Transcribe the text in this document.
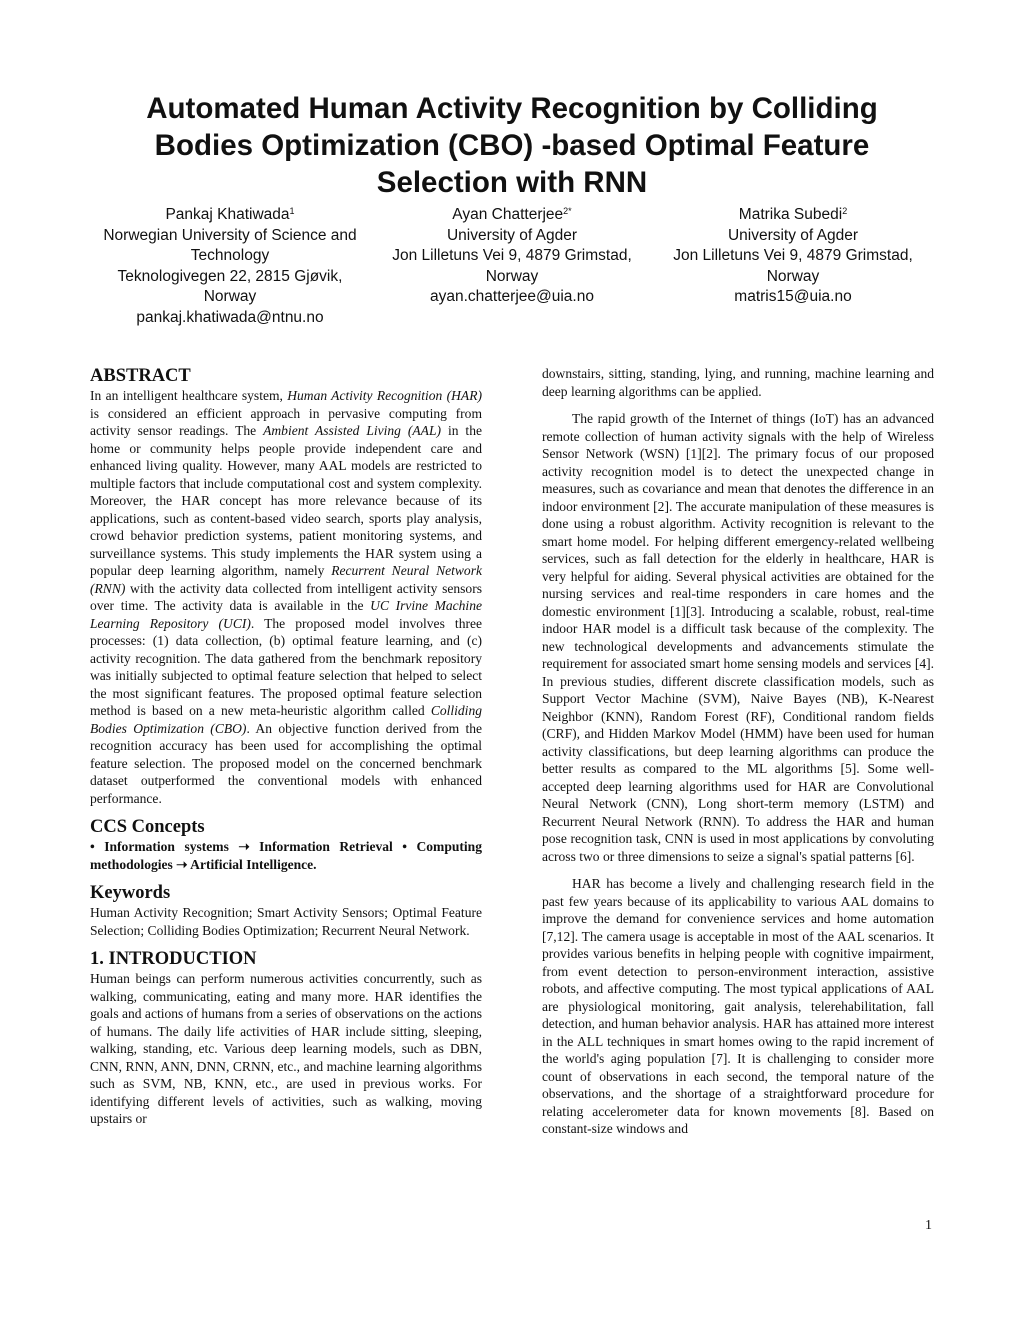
Automated Human Activity Recognition by Colliding
Bodies Optimization (CBO) -based Optimal Feature
Selection with RNN
Pankaj Khatiwada$^1$
Norwegian University of Science and
Technology
Teknologivegen 22, 2815 Gjøvik,
Norway
pankaj.khatiwada@ntnu.no
Ayan Chatterjee$^{2*}$
University of Agder
Jon Lilletuns Vei 9, 4879 Grimstad,
Norway
ayan.chatterjee@uia.no
Matrika Subedi$^2$
University of Agder
Jon Lilletuns Vei 9, 4879 Grimstad,
Norway
matris15@uia.no
ABSTRACT

In an intelligent healthcare system, Human Activity Recognition (HAR) is considered an efficient approach in pervasive computing from activity sensor readings. The Ambient Assisted Living (AAL) in the home or community helps people provide independent care and enhanced living quality. However, many AAL models are restricted to multiple factors that include computational cost and system complexity. Moreover, the HAR concept has more relevance because of its applications, such as content-based video search, sports play analysis, crowd behavior prediction systems, patient monitoring systems, and surveillance systems. This study implements the HAR system using a popular deep learning algorithm, namely Recurrent Neural Network (RNN) with the activity data collected from intelligent activity sensors over time. The activity data is available in the UC Irvine Machine Learning Repository (UCI). The proposed model involves three processes: (1) data collection, (b) optimal feature learning, and (c) activity recognition. The data gathered from the benchmark repository was initially subjected to optimal feature selection that helped to select the most significant features. The proposed optimal feature selection method is based on a new meta-heuristic algorithm called Colliding Bodies Optimization (CBO). An objective function derived from the recognition accuracy has been used for accomplishing the optimal feature selection. The proposed model on the concerned benchmark dataset outperformed the conventional models with enhanced performance.

CCS Concepts
• Information systems ➝ Information Retrieval • Computing methodologies ➝ Artificial Intelligence.
Keywords

Human Activity Recognition; Smart Activity Sensors; Optimal Feature Selection; Colliding Bodies Optimization; Recurrent Neural Network.

1. INTRODUCTION

Human beings can perform numerous activities concurrently, such as walking, communicating, eating and many more. HAR identifies the goals and actions of humans from a series of observations on the actions of humans. The daily life activities of HAR include sitting, sleeping, walking, standing, etc. Various deep learning models, such as DBN, CNN, RNN, ANN, DNN, CRNN, etc., and machine learning algorithms such as SVM, NB, KNN, etc., are used in previous works. For identifying different levels of activities, such as walking, moving upstairs or

downstairs, sitting, standing, lying, and running, machine learning and deep learning algorithms can be applied.

The rapid growth of the Internet of things (IoT) has an advanced remote collection of human activity signals with the help of Wireless Sensor Network (WSN) [1][2]. The primary focus of our proposed activity recognition model is to detect the unexpected change in measures, such as covariance and mean that denotes the difference in an indoor environment [2]. The accurate manipulation of these measures is done using a robust algorithm. Activity recognition is relevant to the smart home model. For helping different emergency-related wellbeing services, such as fall detection for the elderly in healthcare, HAR is very helpful for aiding. Several physical activities are obtained for the nursing services and real-time responders in care homes and the domestic environment [1][3]. Introducing a scalable, robust, real-time indoor HAR model is a difficult task because of the complexity. The new technological developments and advancements stimulate the requirement for associated smart home sensing models and services [4]. In previous studies, different discrete classification models, such as Support Vector Machine (SVM), Naive Bayes (NB), K-Nearest Neighbor (KNN), Random Forest (RF), Conditional random fields (CRF), and Hidden Markov Model (HMM) have been used for human activity classifications, but deep learning algorithms can produce the better results as compared to the ML algorithms [5]. Some well-accepted deep learning algorithms used for HAR are Convolutional Neural Network (CNN), Long short-term memory (LSTM) and Recurrent Neural Network (RNN). To address the HAR and human pose recognition task, CNN is used in most applications by convoluting across two or three dimensions to seize a signal's spatial patterns [6].

HAR has become a lively and challenging research field in the past few years because of its applicability to various AAL domains to improve the demand for convenience services and home automation [7,12]. The camera usage is acceptable in most of the AAL scenarios. It provides various benefits in helping people with cognitive impairment, from event detection to person-environment interaction, assistive robots, and affective computing. The most typical applications of AAL are physiological monitoring, gait analysis, telerehabilitation, fall detection, and human behavior analysis. HAR has attained more interest in the ALL techniques in smart homes owing to the rapid increment of the world's aging population [7]. It is challenging to consider more count of observations in each second, the temporal nature of the observations, and the shortage of a straightforward procedure for relating accelerometer data for known movements [8]. Based on constant-size windows and

1
